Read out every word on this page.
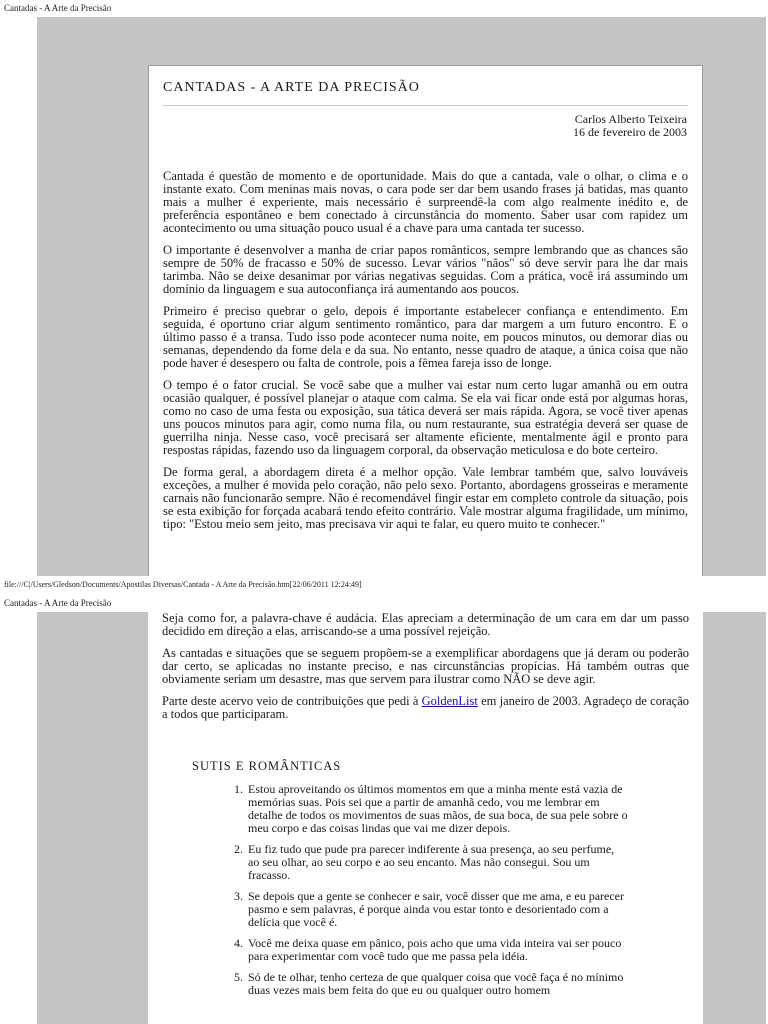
Cantadas - A Arte da Precisão
CANTADAS - A ARTE DA PRECISÃO
Carlos Alberto Teixeira
16 de fevereiro de 2003

Cantada é questão de momento e de oportunidade. Mais do que a cantada, vale o olhar, o clima e o instante exato. Com meninas mais novas, o cara pode ser dar bem usando frases já batidas, mas quanto mais a mulher é experiente, mais necessário é surpreendê-la com algo realmente inédito e, de preferência espontâneo e bem conectado à circunstância do momento. Saber usar com rapidez um acontecimento ou uma situação pouco usual é a chave para uma cantada ter sucesso.

O importante é desenvolver a manha de criar papos românticos, sempre lembrando que as chances são sempre de 50% de fracasso e 50% de sucesso. Levar vários "nãos" só deve servir para lhe dar mais tarimba. Não se deixe desanimar por várias negativas seguidas. Com a prática, você irá assumindo um domínio da linguagem e sua autoconfiança irá aumentando aos poucos.

Primeiro é preciso quebrar o gelo, depois é importante estabelecer confiança e entendimento. Em seguida, é oportuno criar algum sentimento romântico, para dar margem a um futuro encontro. E o último passo é a transa. Tudo isso pode acontecer numa noite, em poucos minutos, ou demorar dias ou semanas, dependendo da fome dela e da sua. No entanto, nesse quadro de ataque, a única coisa que não pode haver é desespero ou falta de controle, pois a fêmea fareja isso de longe.

O tempo é o fator crucial. Se você sabe que a mulher vai estar num certo lugar amanhã ou em outra ocasião qualquer, é possível planejar o ataque com calma. Se ela vai ficar onde está por algumas horas, como no caso de uma festa ou exposição, sua tática deverá ser mais rápida. Agora, se você tiver apenas uns poucos minutos para agir, como numa fila, ou num restaurante, sua estratégia deverá ser quase de guerrilha ninja. Nesse caso, você precisará ser altamente eficiente, mentalmente ágil e pronto para respostas rápidas, fazendo uso da linguagem corporal, da observação meticulosa e do bote certeiro.

De forma geral, a abordagem direta é a melhor opção. Vale lembrar também que, salvo louváveis exceções, a mulher é movida pelo coração, não pelo sexo. Portanto, abordagens grosseiras e meramente carnais não funcionarão sempre. Não é recomendável fingir estar em completo controle da situação, pois se esta exibição for forçada acabará tendo efeito contrário. Vale mostrar alguma fragilidade, um mínimo, tipo: "Estou meio sem jeito, mas precisava vir aqui te falar, eu quero muito te conhecer."

file:///C|/Users/Gledson/Documents/Apostilas Diversas/Cantada - A Arte da Precisão.htm[22/06/2011 12:24:49]
Cantadas - A Arte da Precisão

Seja como for, a palavra-chave é audácia. Elas apreciam a determinação de um cara em dar um passo decidido em direção a elas, arriscando-se a uma possível rejeição.

As cantadas e situações que se seguem propõem-se a exemplificar abordagens que já deram ou poderão dar certo, se aplicadas no instante preciso, e nas circunstâncias propícias. Há também outras que obviamente seriam um desastre, mas que servem para ilustrar como NÃO se deve agir.

Parte deste acervo veio de contribuições que pedi à GoldenList em janeiro de 2003. Agradeço de coração a todos que participaram.

SUTIS E ROMÂNTICAS
1. Estou aproveitando os últimos momentos em que a minha mente está vazia de memórias suas. Pois sei que a partir de amanhã cedo, vou me lembrar em detalhe de todos os movimentos de suas mãos, de sua boca, de sua pele sobre o meu corpo e das coisas lindas que vai me dizer depois.
2. Eu fiz tudo que pude pra parecer indiferente à sua presença, ao seu perfume, ao seu olhar, ao seu corpo e ao seu encanto. Mas não consegui. Sou um fracasso.
3. Se depois que a gente se conhecer e sair, você disser que me ama, e eu parecer pasmo e sem palavras, é porque ainda vou estar tonto e desorientado com a delícia que você é.
4. Você me deixa quase em pânico, pois acho que uma vida inteira vai ser pouco para experimentar com você tudo que me passa pela idéia.
5. Só de te olhar, tenho certeza de que qualquer coisa que você faça é no mínimo duas vezes mais bem feita do que eu ou qualquer outro homem
